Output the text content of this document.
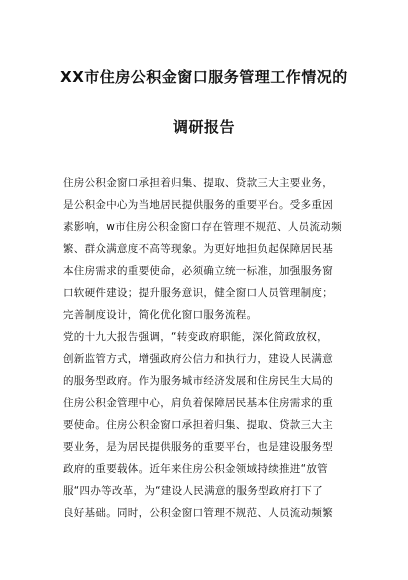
XX市住房公积金窗口服务管理工作情况的
调研报告
住房公积金窗口承担着归集、提取、贷款三大主要业务，
是公积金中心为当地居民提供服务的重要平台。受多重因
素影响，w市住房公积金窗口存在管理不规范、人员流动频
繁、群众满意度不高等现象。为更好地担负起保障居民基
本住房需求的重要使命，必须确立统一标准，加强服务窗
口软硬件建设；提升服务意识，健全窗口人员管理制度；
完善制度设计，简化优化窗口服务流程。
党的十九大报告强调，“转变政府职能，深化简政放权，
创新监管方式，增强政府公信力和执行力，建设人民满意
的服务型政府。作为服务城市经济发展和住房民生大局的
住房公积金管理中心，肩负着保障居民基本住房需求的重
要使命。住房公积金窗口承担着归集、提取、贷款三大主
要业务，是为居民提供服务的重要平台，也是建设服务型
政府的重要载体。近年来住房公积金领域持续推进“放管
服“四办等改革，为“建设人民满意的服务型政府打下了
良好基础。同时，公积金窗口管理不规范、人员流动频繁
